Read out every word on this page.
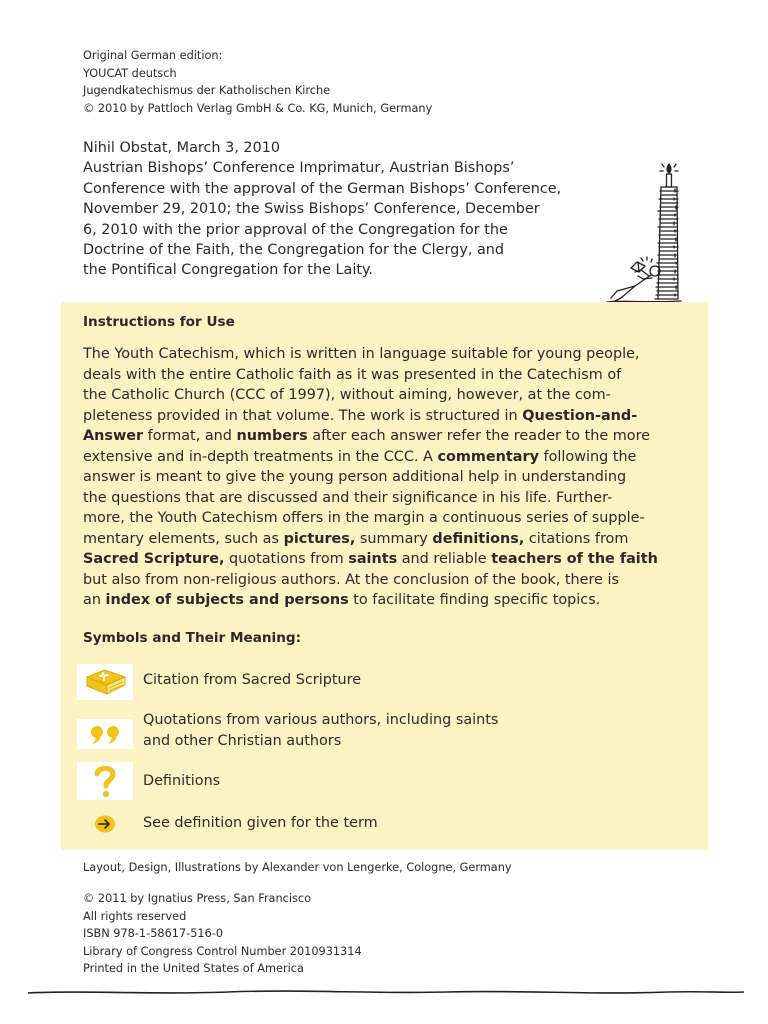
Original German edition:
YOUCAT deutsch
Jugendkatechismus der Katholischen Kirche
© 2010 by Pattloch Verlag GmbH & Co. KG, Munich, Germany
Nihil Obstat, March 3, 2010
Austrian Bishops’ Conference Imprimatur, Austrian Bishops’
Conference with the approval of the German Bishops’ Conference,
November 29, 2010; the Swiss Bishops’ Conference, December
6, 2010 with the prior approval of the Congregation for the
Doctrine of the Faith, the Congregation for the Clergy, and
the Pontifical Congregation for the Laity.
Instructions for Use
The Youth Catechism, which is written in language suitable for young people,
deals with the entire Catholic faith as it was presented in the Catechism of
the Catholic Church (CCC of 1997), without aiming, however, at the com-
pleteness provided in that volume. The work is structured in Question-and-
Answer format, and numbers after each answer refer the reader to the more
extensive and in-depth treatments in the CCC. A commentary following the
answer is meant to give the young person additional help in understanding
the questions that are discussed and their significance in his life. Further-
more, the Youth Catechism offers in the margin a continuous series of supple-
mentary elements, such as pictures, summary definitions, citations from
Sacred Scripture, quotations from saints and reliable teachers of the faith
but also from non-religious authors. At the conclusion of the book, there is
an index of subjects and persons to facilitate finding specific topics.
Symbols and Their Meaning:
Citation from Sacred Scripture
Quotations from various authors, including saints
and other Christian authors
Definitions
See definition given for the term
Layout, Design, Illustrations by Alexander von Lengerke, Cologne, Germany
© 2011 by Ignatius Press, San Francisco
All rights reserved
ISBN 978-1-58617-516-0
Library of Congress Control Number 2010931314
Printed in the United States of America
